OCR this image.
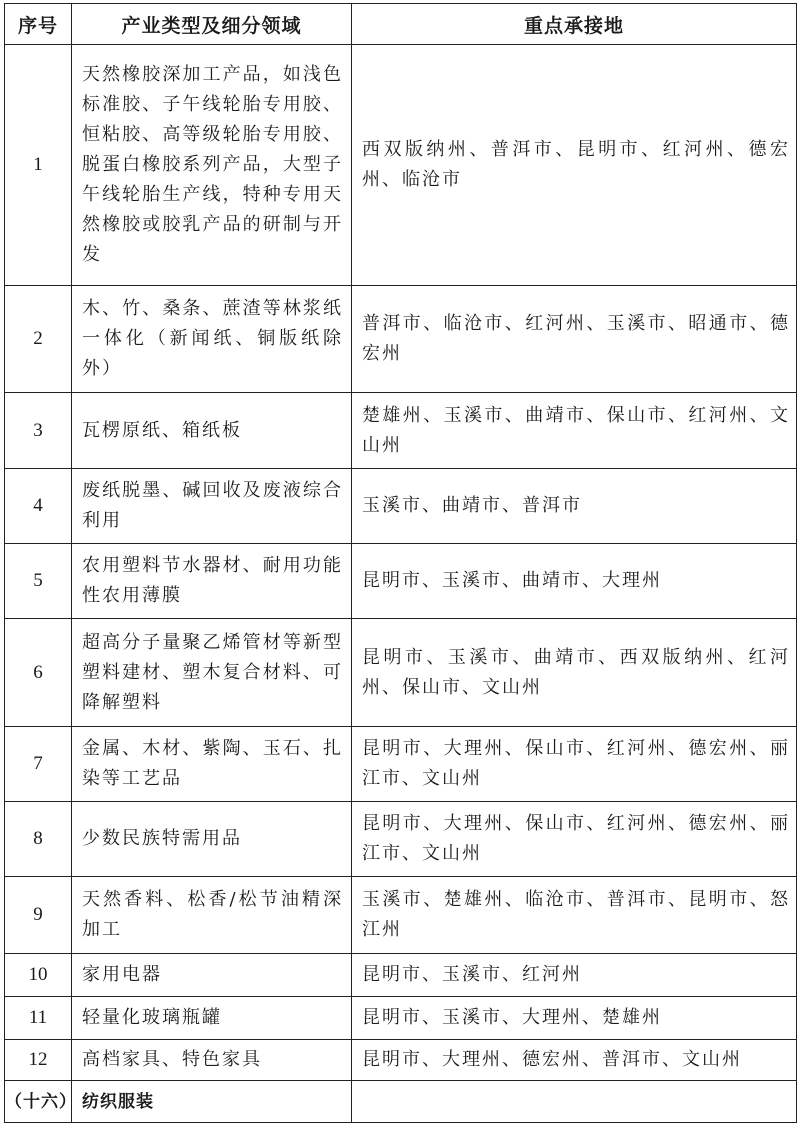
序号	产业类型及细分领域	重点承接地
1	天然橡胶深加工产品，如浅色标准胶、子午线轮胎专用胶、恒粘胶、高等级轮胎专用胶、脱蛋白橡胶系列产品，大型子午线轮胎生产线，特种专用天然橡胶或胶乳产品的研制与开发	西双版纳州、普洱市、昆明市、红河州、德宏州、临沧市
2	木、竹、桑条、蔗渣等林浆纸一体化（新闻纸、铜版纸除外）	普洱市、临沧市、红河州、玉溪市、昭通市、德宏州
3	瓦楞原纸、箱纸板	楚雄州、玉溪市、曲靖市、保山市、红河州、文山州
4	废纸脱墨、碱回收及废液综合利用	玉溪市、曲靖市、普洱市
5	农用塑料节水器材、耐用功能性农用薄膜	昆明市、玉溪市、曲靖市、大理州
6	超高分子量聚乙烯管材等新型塑料建材、塑木复合材料、可降解塑料	昆明市、玉溪市、曲靖市、西双版纳州、红河州、保山市、文山州
7	金属、木材、紫陶、玉石、扎染等工艺品	昆明市、大理州、保山市、红河州、德宏州、丽江市、文山州
8	少数民族特需用品	昆明市、大理州、保山市、红河州、德宏州、丽江市、文山州
9	天然香料、松香/松节油精深加工	玉溪市、楚雄州、临沧市、普洱市、昆明市、怒江州
10	家用电器	昆明市、玉溪市、红河州
11	轻量化玻璃瓶罐	昆明市、玉溪市、大理州、楚雄州
12	高档家具、特色家具	昆明市、大理州、德宏州、普洱市、文山州
（十六）	纺织服装	
